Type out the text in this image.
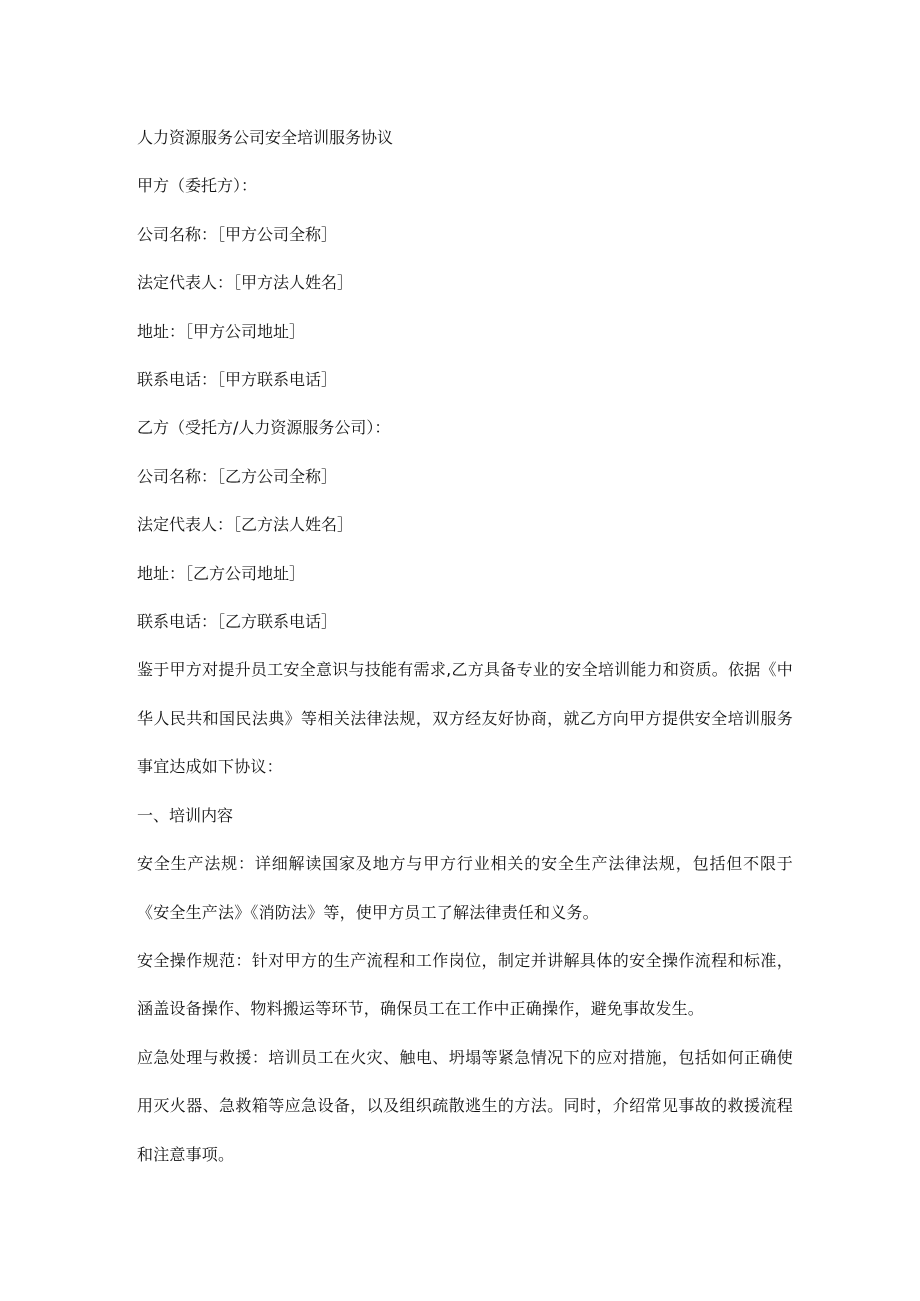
人力资源服务公司安全培训服务协议

甲方（委托方）：

公司名称：［甲方公司全称］

法定代表人：［甲方法人姓名］

地址：［甲方公司地址］

联系电话：［甲方联系电话］

乙方（受托方/人力资源服务公司）：

公司名称：［乙方公司全称］

法定代表人：［乙方法人姓名］

地址：［乙方公司地址］

联系电话：［乙方联系电话］

鉴于甲方对提升员工安全意识与技能有需求,乙方具备专业的安全培训能力和资质。依据《中华人民共和国民法典》等相关法律法规，双方经友好协商，就乙方向甲方提供安全培训服务事宜达成如下协议：

一、培训内容

安全生产法规：详细解读国家及地方与甲方行业相关的安全生产法律法规，包括但不限于《安全生产法》《消防法》等，使甲方员工了解法律责任和义务。

安全操作规范：针对甲方的生产流程和工作岗位，制定并讲解具体的安全操作流程和标准，涵盖设备操作、物料搬运等环节，确保员工在工作中正确操作，避免事故发生。

应急处理与救援：培训员工在火灾、触电、坍塌等紧急情况下的应对措施，包括如何正确使用灭火器、急救箱等应急设备，以及组织疏散逃生的方法。同时，介绍常见事故的救援流程和注意事项。
